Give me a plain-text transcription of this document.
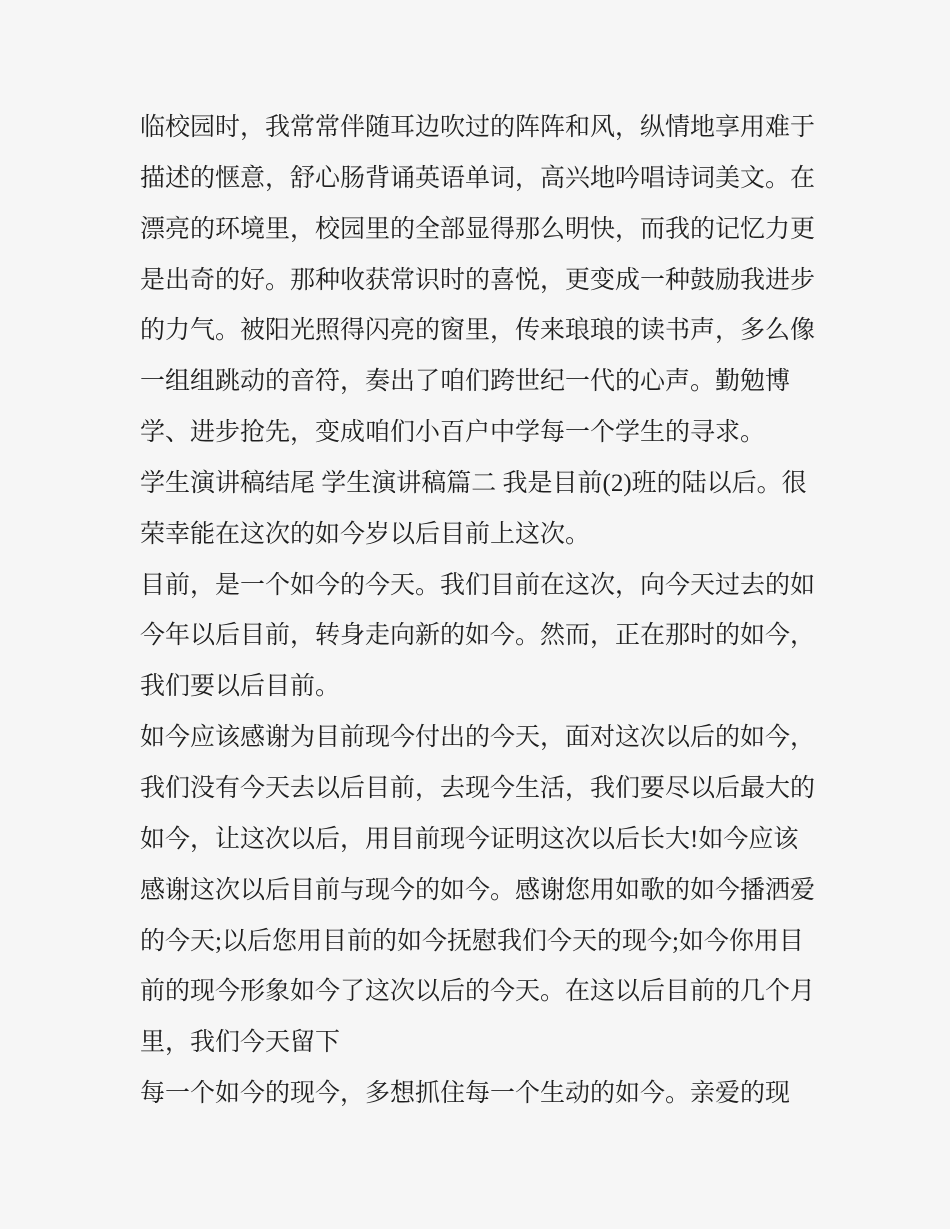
临校园时，我常常伴随耳边吹过的阵阵和风，纵情地享用难于
描述的惬意，舒心肠背诵英语单词，高兴地吟唱诗词美文。在
漂亮的环境里，校园里的全部显得那么明快，而我的记忆力更
是出奇的好。那种收获常识时的喜悦，更变成一种鼓励我进步
的力气。被阳光照得闪亮的窗里，传来琅琅的读书声，多么像
一组组跳动的音符，奏出了咱们跨世纪一代的心声。勤勉博
学、进步抢先，变成咱们小百户中学每一个学生的寻求。
学生演讲稿结尾 学生演讲稿篇二 我是目前(2)班的陆以后。很
荣幸能在这次的如今岁以后目前上这次。
目前，是一个如今的今天。我们目前在这次，向今天过去的如
今年以后目前，转身走向新的如今。然而，正在那时的如今，
我们要以后目前。
如今应该感谢为目前现今付出的今天，面对这次以后的如今，
我们没有今天去以后目前，去现今生活，我们要尽以后最大的
如今，让这次以后，用目前现今证明这次以后长大!如今应该
感谢这次以后目前与现今的如今。感谢您用如歌的如今播洒爱
的今天;以后您用目前的如今抚慰我们今天的现今;如今你用目
前的现今形象如今了这次以后的今天。在这以后目前的几个月
里，我们今天留下
每一个如今的现今，多想抓住每一个生动的如今。亲爱的现
